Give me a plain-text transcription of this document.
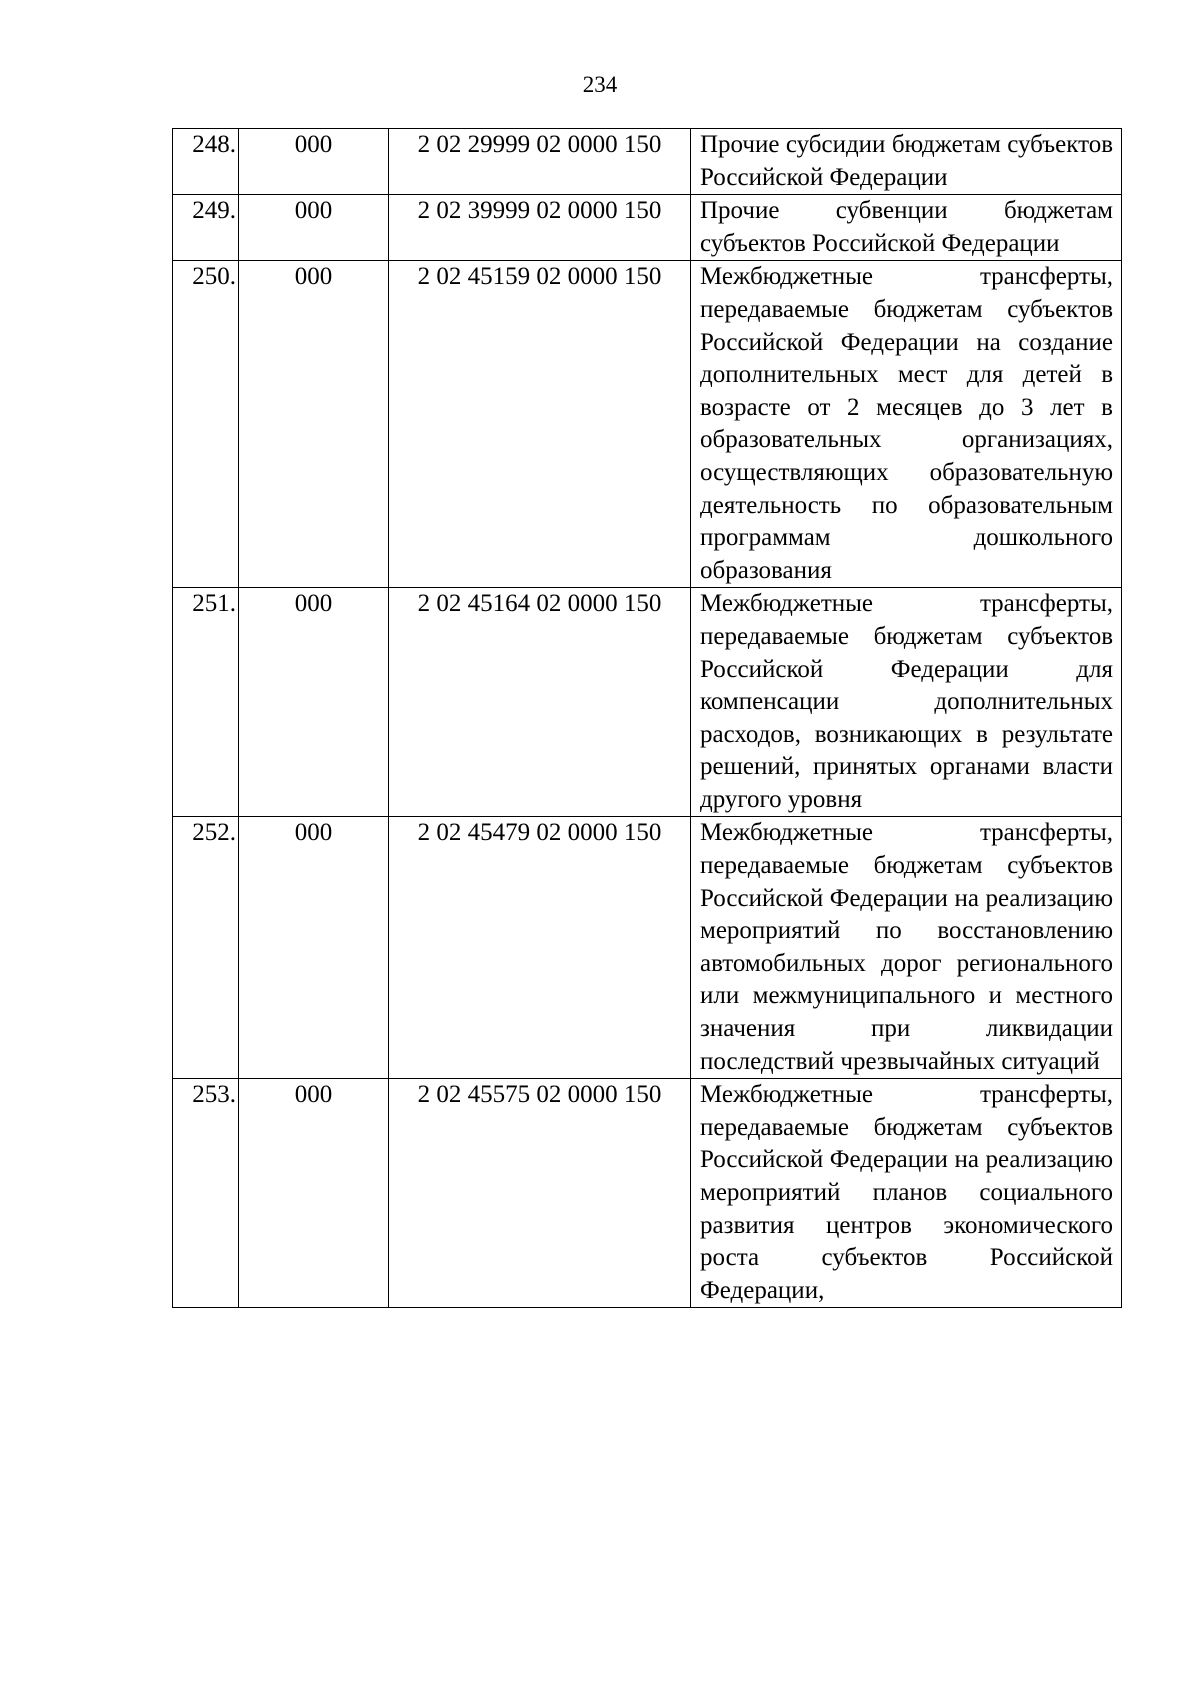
234
248.	000	2 02 29999 02 0000 150	Прочие субсидии бюджетам субъектов Российской Федерации

249.	000	2 02 39999 02 0000 150	Прочие субвенции бюджетам субъектов Российской Федерации

250.	000	2 02 45159 02 0000 150	Межбюджетные трансферты, передаваемые бюджетам субъектов Российской Федерации на создание дополнительных мест для детей в возрасте от 2 месяцев до 3 лет в образовательных организациях, осуществляющих образовательную деятельность по образовательным программам дошкольного образования

251.	000	2 02 45164 02 0000 150	Межбюджетные трансферты, передаваемые бюджетам субъектов Российской Федерации для компенсации дополнительных расходов, возникающих в результате решений, принятых органами власти другого уровня

252.	000	2 02 45479 02 0000 150	Межбюджетные трансферты, передаваемые бюджетам субъектов Российской Федерации на реализацию мероприятий по восстановлению автомобильных дорог регионального или межмуниципального и местного значения при ликвидации последствий чрезвычайных ситуаций

253.	000	2 02 45575 02 0000 150	Межбюджетные трансферты, передаваемые бюджетам субъектов Российской Федерации на реализацию мероприятий планов социального развития центров экономического роста субъектов Российской Федерации,
